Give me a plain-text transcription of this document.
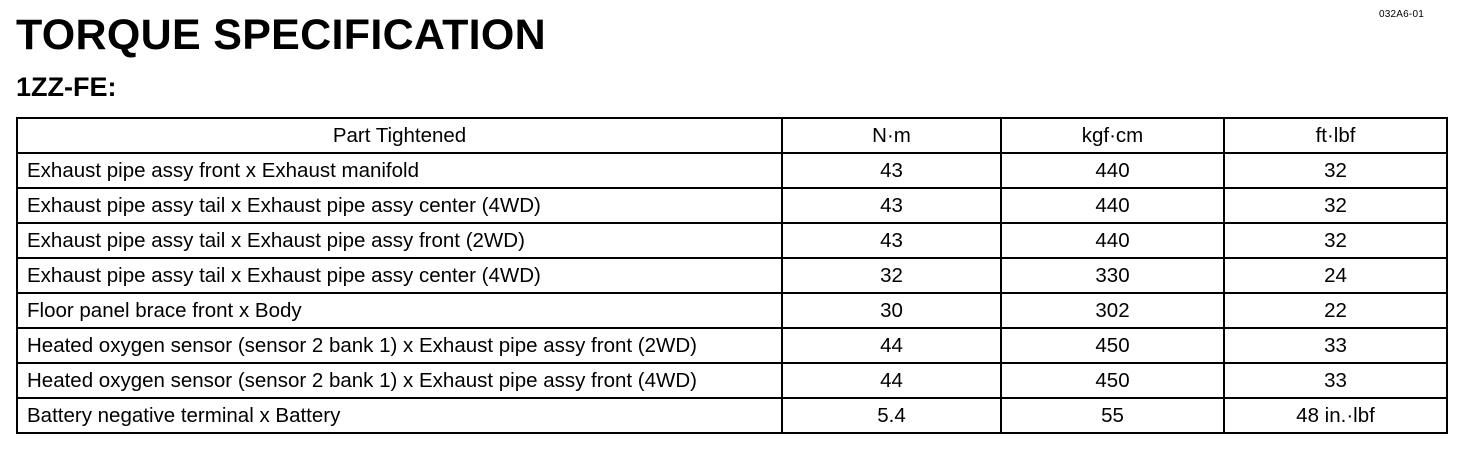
032A6-01
TORQUE SPECIFICATION
1ZZ-FE:
Part Tightened	N·m	kgf·cm	ft·lbf
Exhaust pipe assy front x Exhaust manifold	43	440	32
Exhaust pipe assy tail x Exhaust pipe assy center (4WD)	43	440	32
Exhaust pipe assy tail x Exhaust pipe assy front (2WD)	43	440	32
Exhaust pipe assy tail x Exhaust pipe assy center (4WD)	32	330	24
Floor panel brace front x Body	30	302	22
Heated oxygen sensor (sensor 2 bank 1) x Exhaust pipe assy front (2WD)	44	450	33
Heated oxygen sensor (sensor 2 bank 1) x Exhaust pipe assy front (4WD)	44	450	33
Battery negative terminal x Battery	5.4	55	48 in.·lbf
